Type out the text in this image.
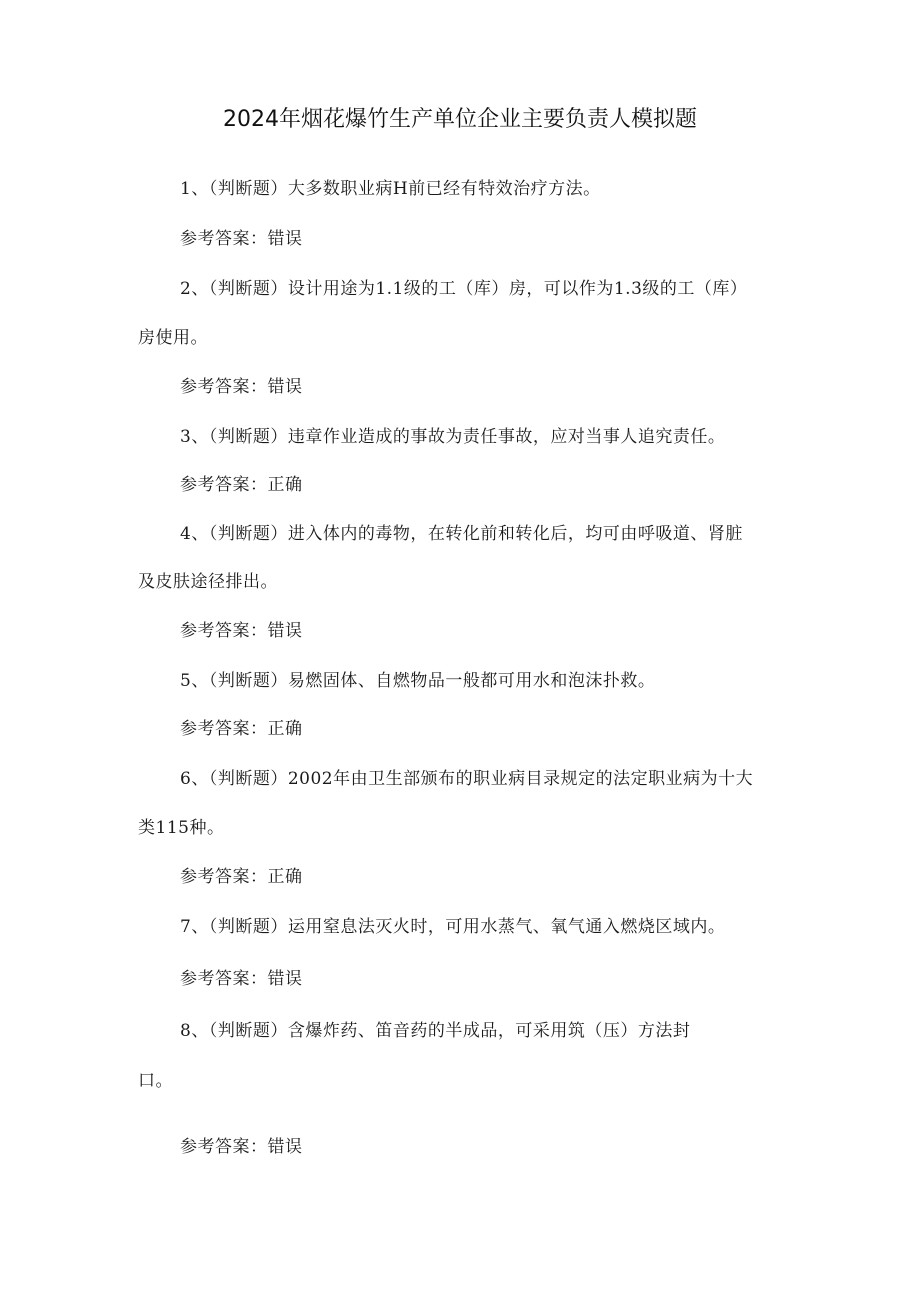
2024年烟花爆竹生产单位企业主要负责人模拟题
1、（判断题）大多数职业病H前已经有特效治疗方法。
参考答案：错误
2、（判断题）设计用途为1.1级的工（库）房，可以作为1.3级的工（库）
房使用。
参考答案：错误
3、（判断题）违章作业造成的事故为责任事故，应对当事人追究责任。
参考答案：正确
4、（判断题）进入体内的毒物，在转化前和转化后，均可由呼吸道、肾脏
及皮肤途径排出。
参考答案：错误
5、（判断题）易燃固体、自燃物品一般都可用水和泡沫扑救。
参考答案：正确
6、（判断题）2002年由卫生部颁布的职业病目录规定的法定职业病为十大
类115种。
参考答案：正确
7、（判断题）运用窒息法灭火时，可用水蒸气、氧气通入燃烧区域内。
参考答案：错误
8、（判断题）含爆炸药、笛音药的半成品，可采用筑（压）方法封
口。
参考答案：错误
